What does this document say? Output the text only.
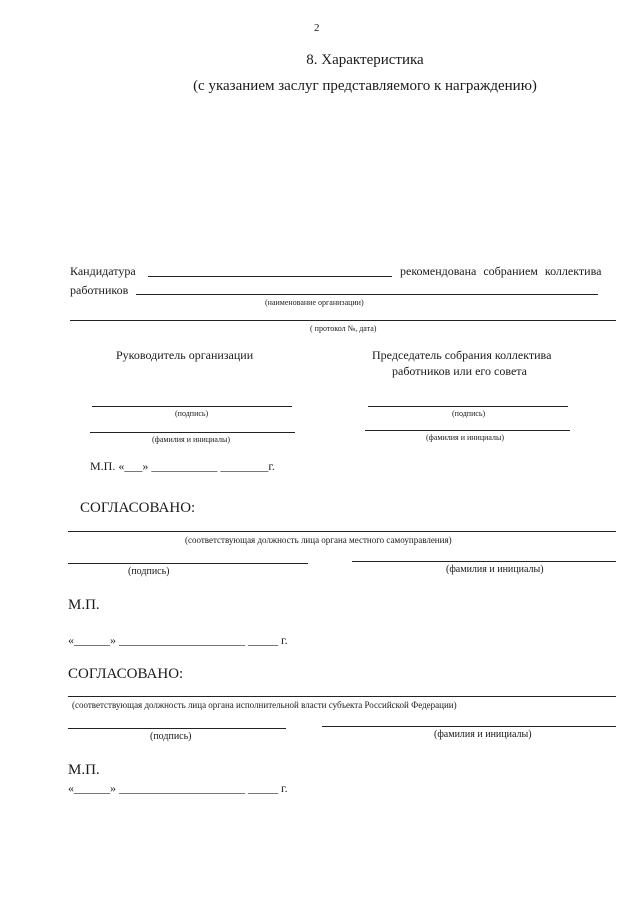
2
8. Характеристика
(с указанием заслуг представляемого к награждению)
Кандидатура	рекомендована собранием коллектива
работников
(наименование организации)
( протокол №, дата)
Руководитель организации	Председатель собрания коллектива
работников или его совета
(подпись)	(подпись)
(фамилия и инициалы)	(фамилия и инициалы)
М.П. «___» ___________ ________г.
СОГЛАСОВАНО:
(соответствующая должность лица органа местного самоуправления)
(подпись)	(фамилия и инициалы)
М.П.
«______» _____________________ _____ г.
СОГЛАСОВАНО:
(соответствующая должность лица органа исполнительной власти субъекта Российской Федерации)
(подпись)	(фамилия и инициалы)
М.П.
«______» _____________________ _____ г.
